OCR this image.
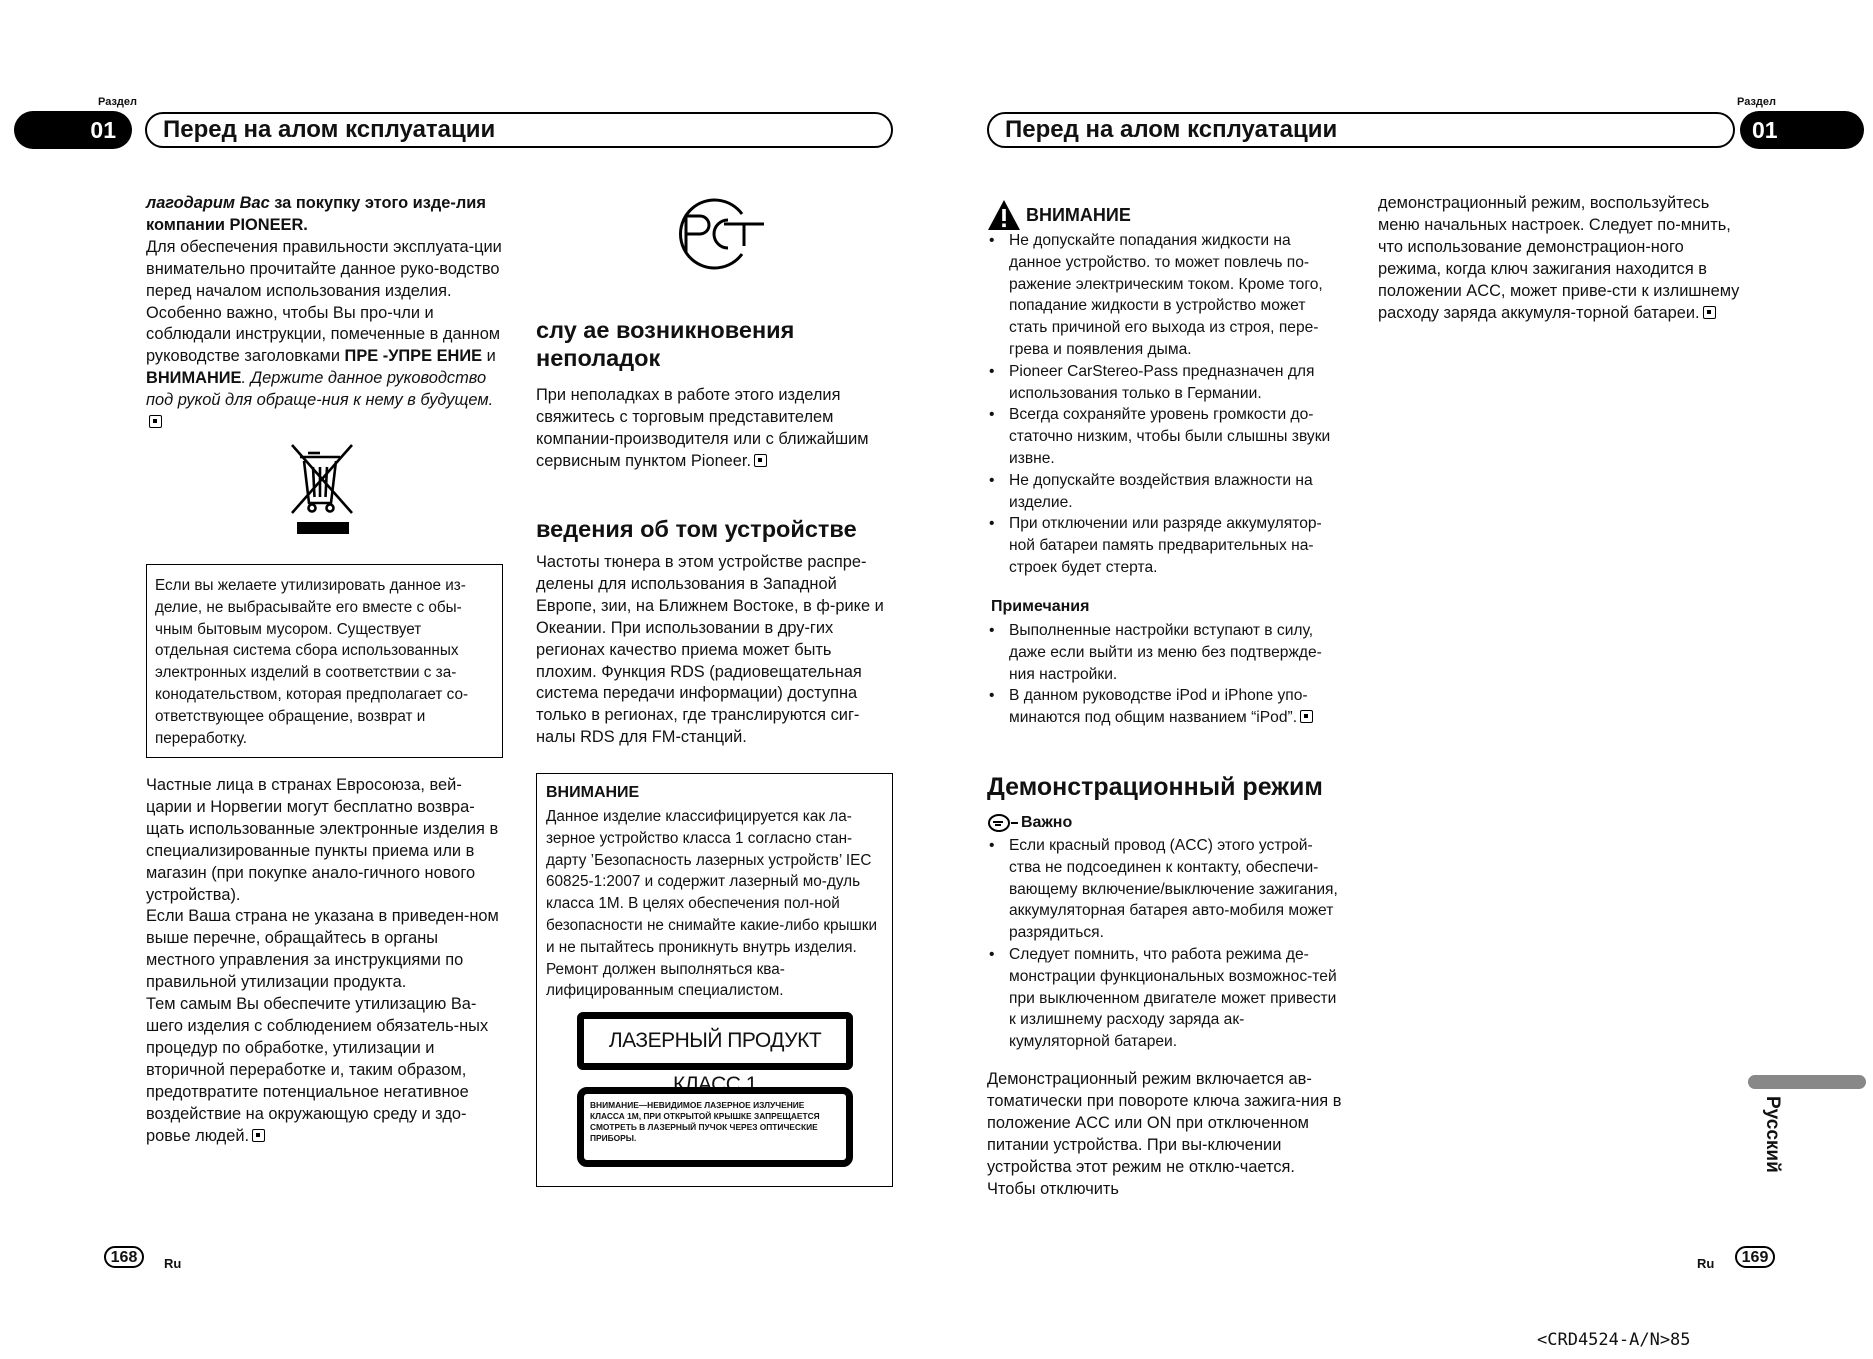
Раздел
01	Перед на алом ксплуатации
Раздел
01
Перед на алом ксплуатации

лагодарим Вас за покупку этого изде-лия компании PIONEER.

Для обеспечения правильности эксплуата-ции внимательно прочитайте данное руко-водство перед началом использования изделия. Особенно важно, чтобы Вы про-чли и соблюдали инструкции, помеченные в данном руководстве заголовками ПРЕ -УПРЕ ЕНИЕ и ВНИМАНИЕ. Держите данное руководство под рукой для обраще-ния к нему в будущем.

Если вы желаете утилизировать данное из-делие, не выбрасывайте его вместе с обы-чным бытовым мусором. Существует отдельная система сбора использованных электронных изделий в соответствии с за-конодательством, которая предполагает со-ответствующее обращение, возврат и переработку.

Частные лица в странах Евросоюза, вей-царии и Норвегии могут бесплатно возвра-щать использованные электронные изделия в специализированные пункты приема или в магазин (при покупке анало-гичного нового устройства).

Если Ваша страна не указана в приведен-ном выше перечне, обращайтесь в органы местного управления за инструкциями по правильной утилизации продукта.

Тем самым Вы обеспечите утилизацию Ва-шего изделия с соблюдением обязатель-ных процедур по обработке, утилизации и вторичной переработке и, таким образом, предотвратите потенциальное негативное воздействие на окружающую среду и здо-ровье людей.

слу ае возникновения неполадок

При неполадках в работе этого изделия свяжитесь с торговым представителем компании-производителя или с ближайшим сервисным пунктом Pioneer.

ведения об том устройстве

Частоты тюнера в этом устройстве распре-делены для использования в Западной Европе, зии, на Ближнем Востоке, в ф-рике и Океании. При использовании в дру-гих регионах качество приема может быть плохим. Функция RDS (радиовещательная система передачи информации) доступна только в регионах, где транслируются сиг-налы RDS для FM-станций.

ВНИМАНИЕ

Данное изделие классифицируется как ла-зерное устройство класса 1 согласно стан-дарту ’Безопасность лазерных устройств’ IEC 60825-1:2007 и содержит лазерный мо-дуль класса 1M. В целях обеспечения пол-ной безопасности не снимайте какие-либо крышки и не пытайтесь проникнуть внутрь изделия. Ремонт должен выполняться ква-лифицированным специалистом.

ЛАЗЕРНЫЙ ПРОДУКТ КЛАСС 1
ВНИМАНИЕ—НЕВИДИМОЕ ЛАЗЕРНОЕ ИЗЛУЧЕНИЕ КЛАССА 1M, ПРИ ОТКРЫТОЙ КРЫШКЕ ЗАПРЕЩАЕТСЯ СМОТРЕТЬ В ЛАЗЕРНЫЙ ПУЧОК ЧЕРЕЗ ОПТИЧЕСКИЕ ПРИБОРЫ.
ВНИМАНИЕ
• Не допускайте попадания жидкости на данное устройство. то может повлечь по-ражение электрическим током. Кроме того, попадание жидкости в устройство может стать причиной его выхода из строя, пере-грева и появления дыма.
• Pioneer CarStereo-Pass предназначен для использования только в Германии.
• Всегда сохраняйте уровень громкости до-статочно низким, чтобы были слышны звуки извне.
• Не допускайте воздействия влажности на изделие.
• При отключении или разряде аккумулятор-ной батареи память предварительных на-строек будет стерта.
Примечания
• Выполненные настройки вступают в силу, даже если выйти из меню без подтвержде-ния настройки.
• В данном руководстве iPod и iPhone упо-минаются под общим названием “iPod”.
Демонстрационный режим
Важно
• Если красный провод (ACC) этого устрой-ства не подсоединен к контакту, обеспечи-вающему включение/выключение зажигания, аккумуляторная батарея авто-мобиля может разрядиться.
• Следует помнить, что работа режима де-монстрации функциональных возможнос-тей при выключенном двигателе может привести к излишнему расходу заряда ак-кумуляторной батареи.

Демонстрационный режим включается ав-томатически при повороте ключа зажига-ния в положение ACC или ON при отключенном питании устройства. При вы-ключении устройства этот режим не отклю-чается. Чтобы отключить

демонстрационный режим, воспользуйтесь меню начальных настроек. Следует по-мнить, что использование демонстрацион-ного режима, когда ключ зажигания находится в положении ACC, может приве-сти к излишнему расходу заряда аккумуля-торной батареи.

Русский
168	Ru	Ru	169
<CRD4524-A/N>85
